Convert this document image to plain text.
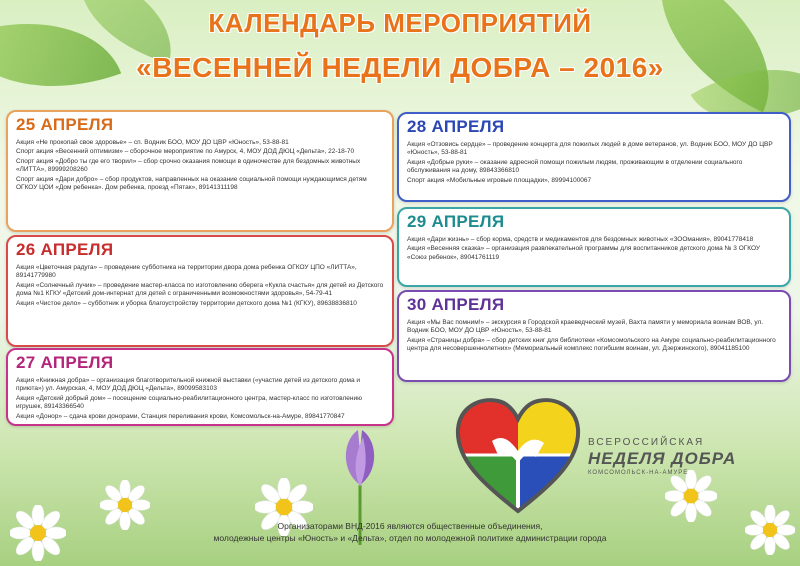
КАЛЕНДАРЬ МЕРОПРИЯТИЙ
«ВЕСЕННЕЙ НЕДЕЛИ ДОБРА – 2016»
25 АПРЕЛЯ
Акция «Не прокопай свое здоровье» – сп. Водник БОО, МОУ ДО ЦВР «Юность», 53-88-81
Спорт акция «Весенний оптимизм» – сборочное мероприятие по Амурск, 4, МОУ ДОД ДЮЦ «Дельта», 22-18-70
Спорт акция «Добро ты где его творил» – сбор срочно оказания помощи в одиночестве для бездомных животных «ЛИТТА», 89999208260
Спорт акция «Дари добро» – сбор продуктов, направленных на оказание социальной помощи нуждающимся детям ОГКОУ ЦОИ «Дом ребенка». Дом ребенка, проезд «Пятак», 89141311198
26 АПРЕЛЯ
Акция «Цветочная радуга» – проведение субботника на территории двора дома ребенка ОГКОУ ЦПО «ЛИТТА», 89141779980
Акция «Солнечный лучик» – проведение мастер-класса по изготовлению оберега «Кукла счастья» для детей из Детского дома №1 КГКУ «Детский дом-интернат для детей с ограниченными возможностями здоровья», 54-79-41
Акция «Чистое дело» – субботник и уборка благоустройству территории детского дома №1 (КГКУ), 89638836810
27 АПРЕЛЯ
Акция «Книжная добра» – организация благотворительной книжной выставки («участие детей из детского дома и приюта») ул. Амурская, 4, МОУ ДОД ДЮЦ «Дельта», 89099583103
Акция «Детский добрый дом» – посещение социально-реабилитационного центра, мастер-класс по изготовлению игрушек, 89143366540
Акция «Донор» – сдача крови донорами, Станция переливания крови, Комсомольск-на-Амуре, 89841770847
28 АПРЕЛЯ
Акция «Отзовись сердце» – проведение концерта для пожилых людей в доме ветеранов, ул. Водник БОО, МОУ ДО ЦВР «Юность», 53-88-81
Акция «Добрые руки» – оказание адресной помощи пожилым людям, проживающим в отделении социального обслуживания на дому, 89843366810
Спорт акция «Мобильные игровые площадки», 89994100067
29 АПРЕЛЯ
Акция «Дари жизнь» – сбор корма, средств и медикаментов для бездомных животных «ЗООмания», 89041778418
Акция «Весенняя сказка» – организация развлекательной программы для воспитанников детского дома № 3 ОГКОУ «Союз ребенок», 89041761119
30 АПРЕЛЯ
Акция «Мы Вас помним!» – экскурсия в Городской краеведческий музей, Вахта памяти у мемориала воинам ВОВ, ул. Водник БОО, МОУ ДО ЦВР «Юность», 53-88-81
Акция «Страницы добра» – сбор детских книг для библиотеки «Комсомольского на Амуре социально-реабилитационного центра для несовершеннолетних» (Мемориальный комплекс погибшим воинам, ул. Дзержинского), 89041185100
ВСЕРОССИЙСКАЯ
НЕДЕЛЯ ДОБРА
КОМСОМОЛЬСК-НА-АМУРЕ
Организаторами ВНД-2016 являются общественные объединения,
молодежные центры «Юность» и «Дельта», отдел по молодежной политике администрации города
